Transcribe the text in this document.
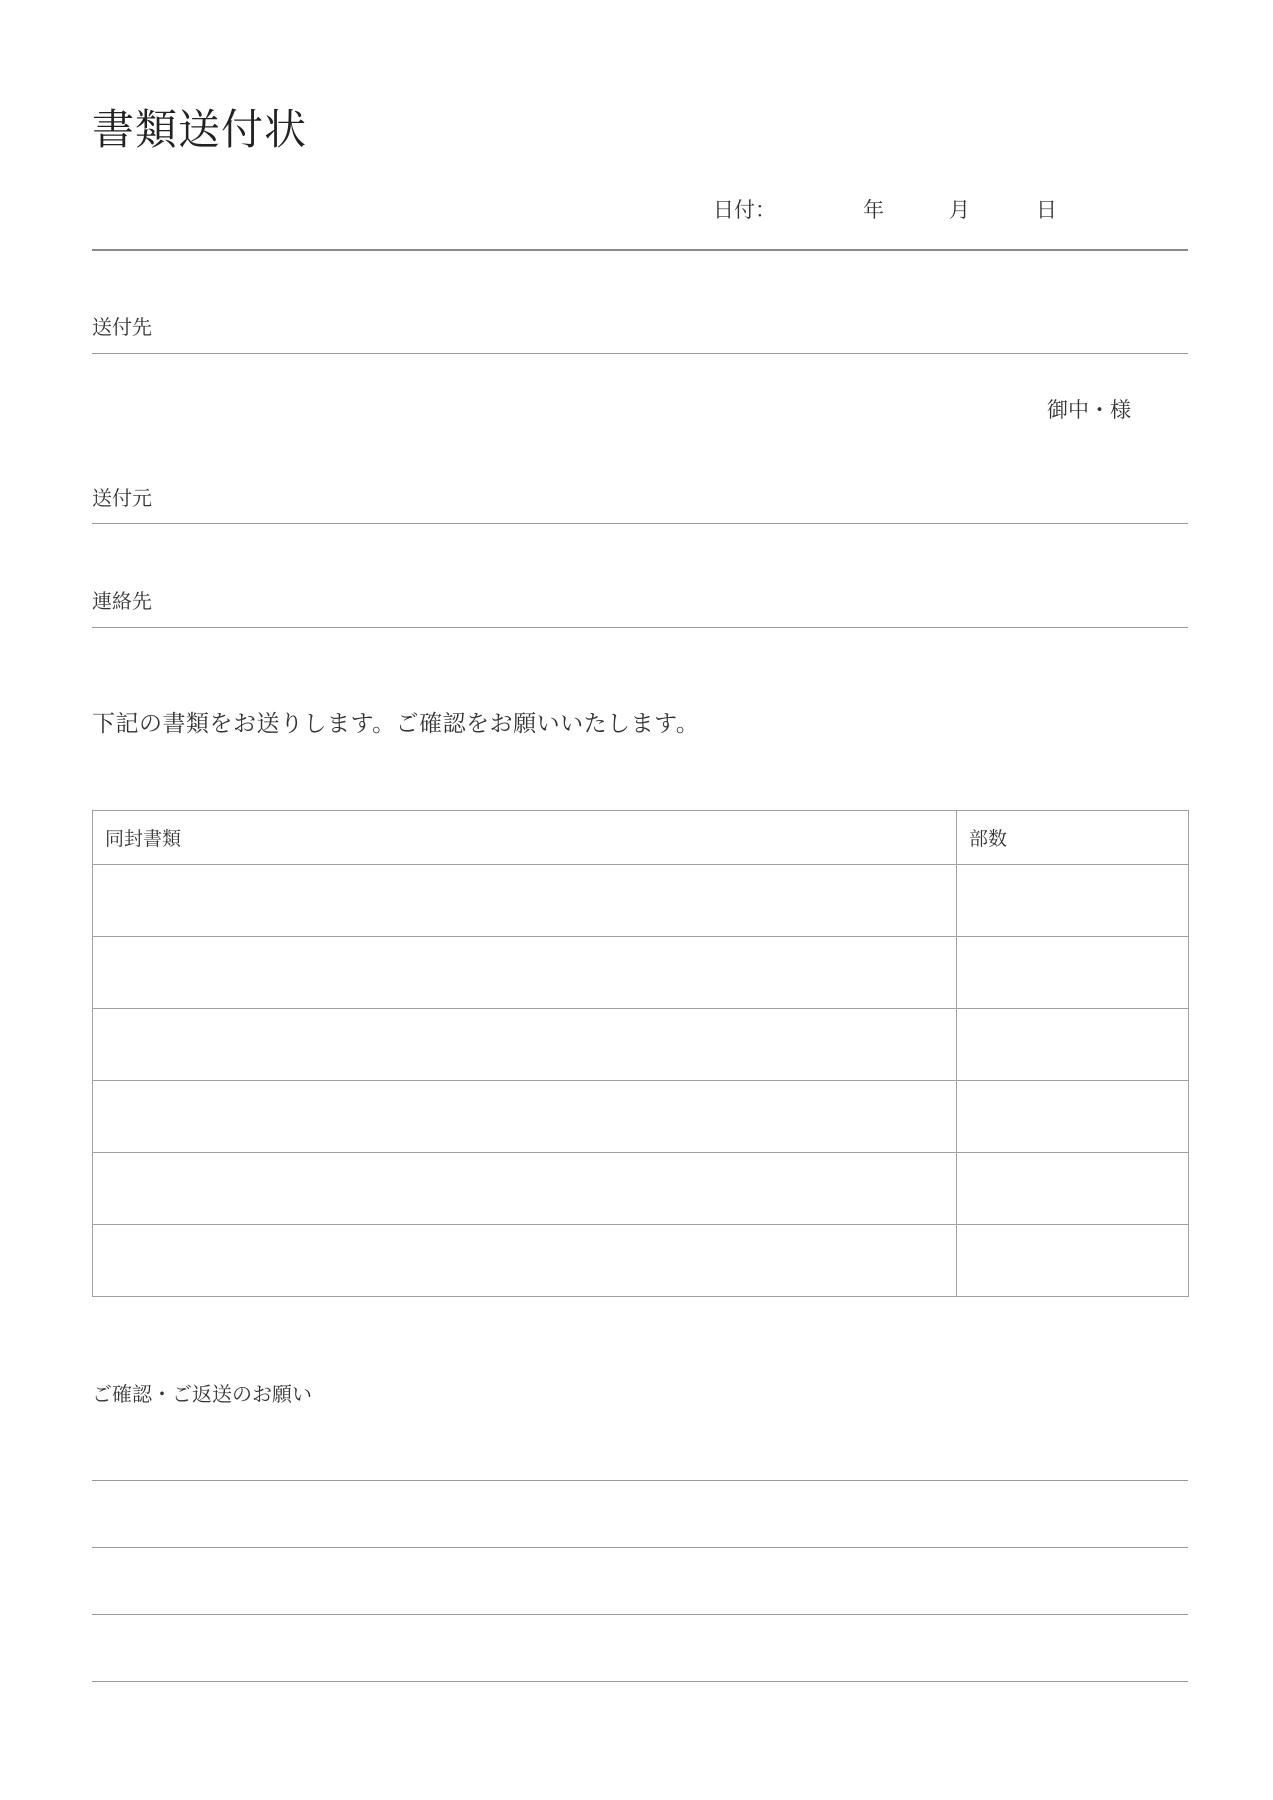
書類送付状
日付：	年	月	日
送付先
御中・様
送付元
連絡先
下記の書類をお送りします。ご確認をお願いいたします。
同封書類	部数

ご確認・ご返送のお願い
